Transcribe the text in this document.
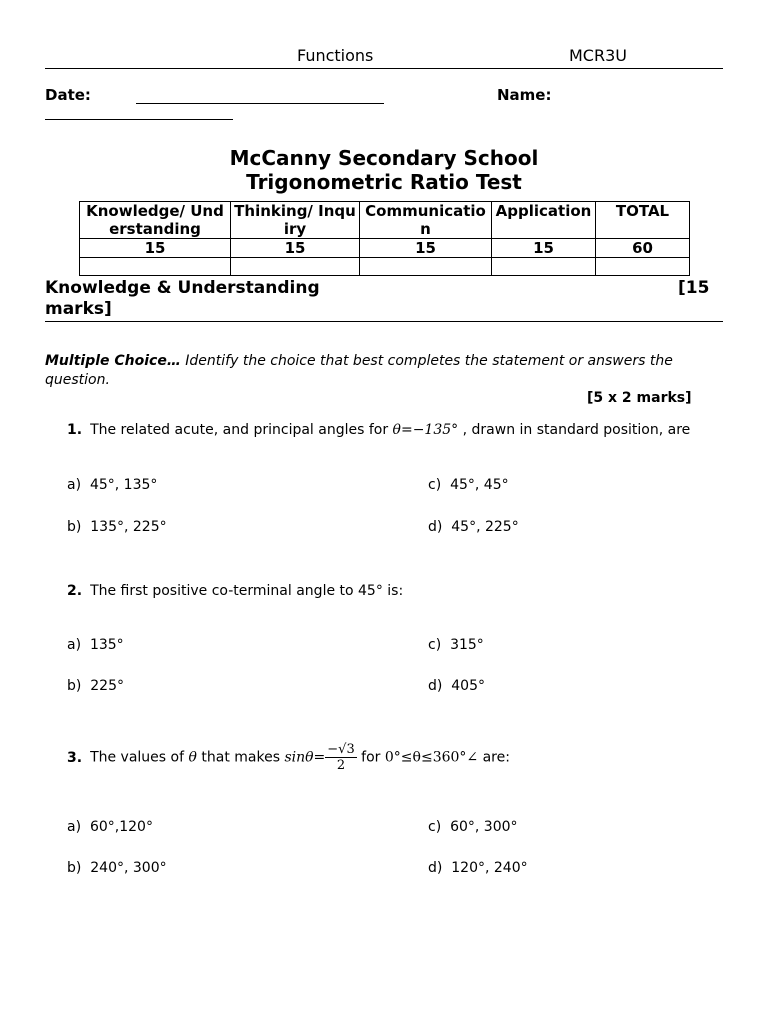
Functions	MCR3U
Date:	Name:
McCanny Secondary School
Trigonometric Ratio Test
Knowledge/ Understanding	Thinking/ Inquiry	Communication	Application	TOTAL
15	15	15	15	60

Knowledge & Understanding
marks]
[15
Multiple Choice… Identify the choice that best completes the statement or answers the question.
[5 x 2 marks]
1. The related acute, and principal angles for θ=−135° , drawn in standard position, are
a) 45°, 135°	c) 45°, 45°
b) 135°, 225°	d) 45°, 225°
2. The first positive co-terminal angle to 45° is:
a) 135°	c) 315°
b) 225°	d) 405°
3. The values of θ that makes $\sin\theta= \frac{-√3}{2}$ for 0°≤θ≤360°∠ are:
a) 60°,120°	c) 60°, 300°
b) 240°, 300°	d) 120°, 240°
